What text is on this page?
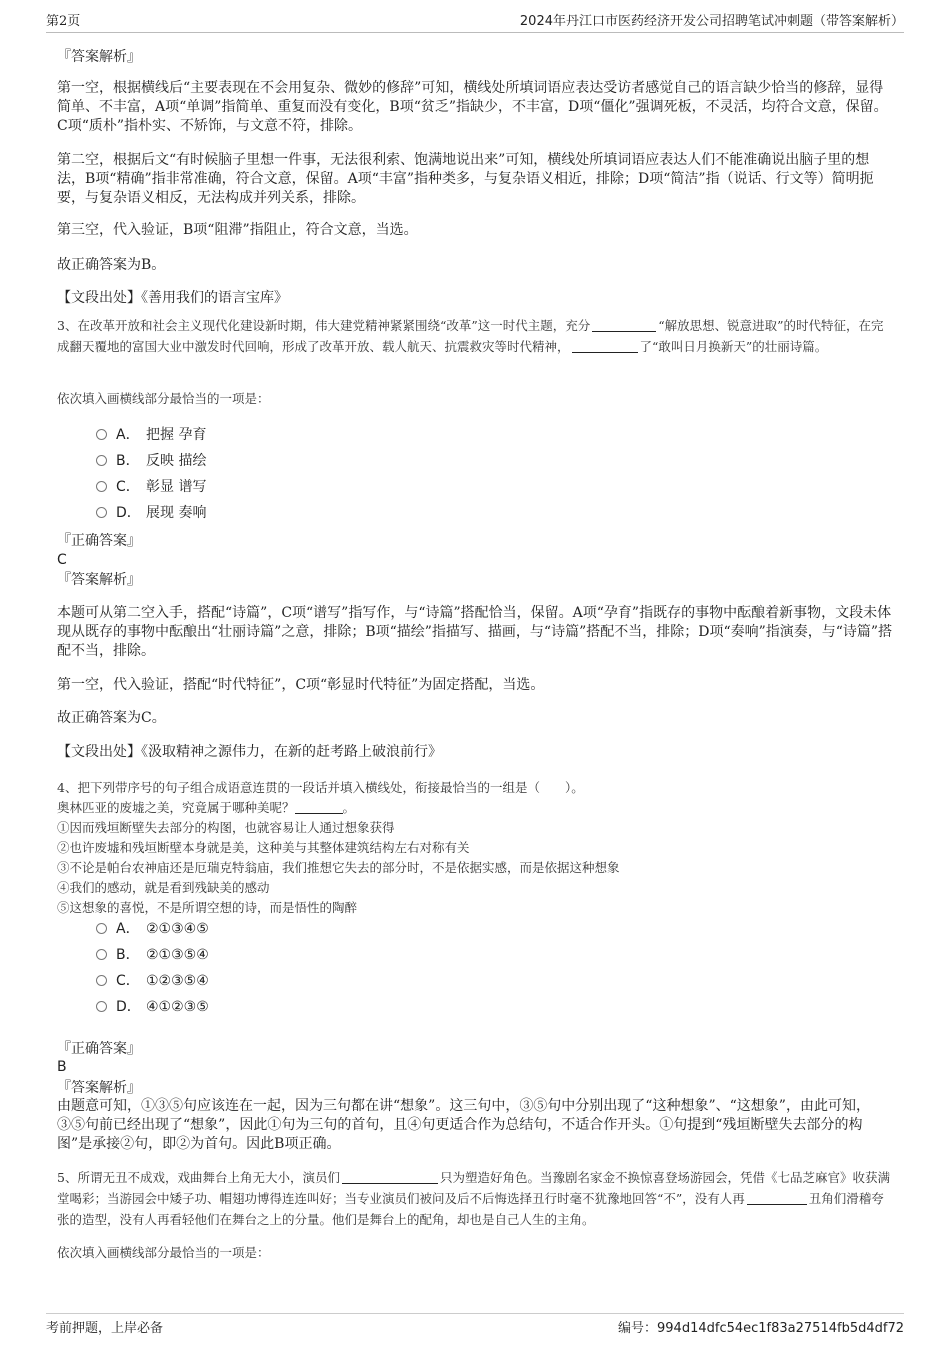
第2页	2024年丹江口市医药经济开发公司招聘笔试冲刺题（带答案解析）
『答案解析』
第一空，根据横线后“主要表现在不会用复杂、微妙的修辞”可知，横线处所填词语应表达受访者感觉自己的语言缺少恰当的修辞，显得简单、不丰富，A项“单调”指简单、重复而没有变化，B项“贫乏”指缺少，不丰富，D项“僵化”强调死板，不灵活，均符合文意，保留。C项“质朴”指朴实、不矫饰，与文意不符，排除。
第二空，根据后文“有时候脑子里想一件事，无法很利索、饱满地说出来”可知，横线处所填词语应表达人们不能准确说出脑子里的想法，B项“精确”指非常准确，符合文意，保留。A项“丰富”指种类多，与复杂语义相近，排除；D项“简洁”指（说话、行文等）简明扼要，与复杂语义相反，无法构成并列关系，排除。
第三空，代入验证，B项“阻滞”指阻止，符合文意，当选。
故正确答案为B。
【文段出处】《善用我们的语言宝库》
3、在改革开放和社会主义现代化建设新时期，伟大建党精神紧紧围绕“改革”这一时代主题，充分	“解放思想、锐意进取”的时代特征，在完成翻天覆地的富国大业中激发时代回响，形成了改革开放、载人航天、抗震救灾等时代精神，	了“敢叫日月换新天”的壮丽诗篇。
依次填入画横线部分最恰当的一项是：
A． 把握 孕育
B． 反映 描绘
C． 彰显 谱写
D． 展现 奏响
『正确答案』
C
『答案解析』
本题可从第二空入手，搭配“诗篇”，C项“谱写”指写作，与“诗篇”搭配恰当，保留。A项“孕育”指既存的事物中酝酿着新事物，文段未体现从既存的事物中酝酿出“壮丽诗篇”之意，排除；B项“描绘”指描写、描画，与“诗篇”搭配不当，排除；D项“奏响”指演奏，与“诗篇”搭配不当，排除。
第一空，代入验证，搭配“时代特征”，C项“彰显时代特征”为固定搭配，当选。
故正确答案为C。
【文段出处】《汲取精神之源伟力，在新的赶考路上破浪前行》
4、把下列带序号的句子组合成语意连贯的一段话并填入横线处，衔接最恰当的一组是（　　）。
奥林匹亚的废墟之美，究竟属于哪种美呢？	。
①因而残垣断壁失去部分的构图，也就容易让人通过想象获得
②也许废墟和残垣断壁本身就是美，这种美与其整体建筑结构左右对称有关
③不论是帕台农神庙还是厄瑞克特翁庙，我们推想它失去的部分时，不是依据实感，而是依据这种想象
④我们的感动，就是看到残缺美的感动
⑤这想象的喜悦，不是所谓空想的诗，而是悟性的陶醉
A． ②①③④⑤
B． ②①③⑤④
C． ①②③⑤④
D． ④①②③⑤
『正确答案』
B
『答案解析』
由题意可知，①③⑤句应该连在一起，因为三句都在讲“想象”。这三句中，③⑤句中分别出现了“这种想象”、“这想象”，由此可知，③⑤句前已经出现了“想象”，因此①句为三句的首句，且④句更适合作为总结句，不适合作开头。①句提到“残垣断壁失去部分的构图”是承接②句，即②为首句。因此B项正确。
5、所谓无丑不成戏，戏曲舞台上角无大小，演员们	只为塑造好角色。当豫剧名家金不换惊喜登场游园会，凭借《七品芝麻官》收获满堂喝彩；当游园会中矮子功、帽翅功博得连连叫好；当专业演员们被问及后不后悔选择丑行时毫不犹豫地回答“不”，没有人再	丑角们滑稽夸张的造型，没有人再看轻他们在舞台之上的分量。他们是舞台上的配角，却也是自己人生的主角。
依次填入画横线部分最恰当的一项是：
考前押题，上岸必备	编号：994d14dfc54ec1f83a27514fb5d4df72
